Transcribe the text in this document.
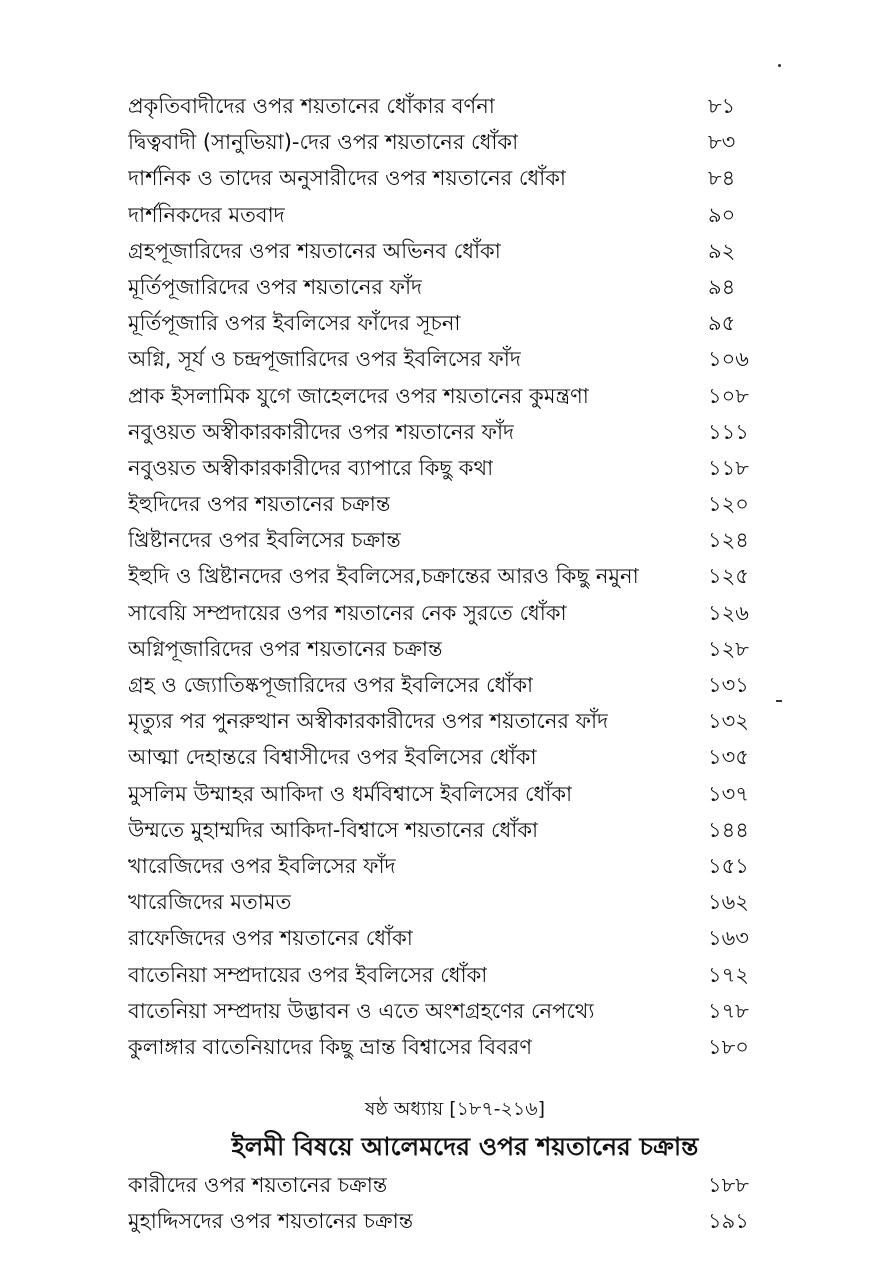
প্রকৃতিবাদীদের ওপর শয়তানের ধোঁকার বর্ণনা	৮১
দ্বিত্ববাদী (সানুভিয়া)-দের ওপর শয়তানের ধোঁকা	৮৩
দার্শনিক ও তাদের অনুসারীদের ওপর শয়তানের ধোঁকা	৮৪
দার্শনিকদের মতবাদ	৯০
গ্রহপূজারিদের ওপর শয়তানের অভিনব ধোঁকা	৯২
মূর্তিপূজারিদের ওপর শয়তানের ফাঁদ	৯৪
মূর্তিপূজারি ওপর ইবলিসের ফাঁদের সূচনা	৯৫
অগ্নি, সূর্য ও চন্দ্রপূজারিদের ওপর ইবলিসের ফাঁদ	১০৬
প্রাক ইসলামিক যুগে জাহেলদের ওপর শয়তানের কুমন্ত্রণা	১০৮
নবুওয়ত অস্বীকারকারীদের ওপর শয়তানের ফাঁদ	১১১
নবুওয়ত অস্বীকারকারীদের ব্যাপারে কিছু কথা	১১৮
ইহুদিদের ওপর শয়তানের চক্রান্ত	১২০
খ্রিষ্টানদের ওপর ইবলিসের চক্রান্ত	১২৪
ইহুদি ও খ্রিষ্টানদের ওপর ইবলিসের,চক্রান্তের আরও কিছু নমুনা	১২৫
সাবেয়ি সম্প্রদায়ের ওপর শয়তানের নেক সুরতে ধোঁকা	১২৬
অগ্নিপূজারিদের ওপর শয়তানের চক্রান্ত	১২৮
গ্রহ ও জ্যোতিষ্কপূজারিদের ওপর ইবলিসের ধোঁকা	১৩১
মৃত্যুর পর পুনরুত্থান অস্বীকারকারীদের ওপর শয়তানের ফাঁদ	১৩২
আত্মা দেহান্তরে বিশ্বাসীদের ওপর ইবলিসের ধোঁকা	১৩৫
মুসলিম উম্মাহর আকিদা ও ধর্মবিশ্বাসে ইবলিসের ধোঁকা	১৩৭
উম্মতে মুহাম্মদির আকিদা-বিশ্বাসে শয়তানের ধোঁকা	১৪৪
খারেজিদের ওপর ইবলিসের ফাঁদ	১৫১
খারেজিদের মতামত	১৬২
রাফেজিদের ওপর শয়তানের ধোঁকা	১৬৩
বাতেনিয়া সম্প্রদায়ের ওপর ইবলিসের ধোঁকা	১৭২
বাতেনিয়া সম্প্রদায় উদ্ভাবন ও এতে অংশগ্রহণের নেপথ্যে	১৭৮
কুলাঙ্গার বাতেনিয়াদের কিছু ভ্রান্ত বিশ্বাসের বিবরণ	১৮০
ষষ্ঠ অধ্যায় [১৮৭-২১৬]
ইলমী বিষয়ে আলেমদের ওপর শয়তানের চক্রান্ত
কারীদের ওপর শয়তানের চক্রান্ত	১৮৮
মুহাদ্দিসদের ওপর শয়তানের চক্রান্ত	১৯১
